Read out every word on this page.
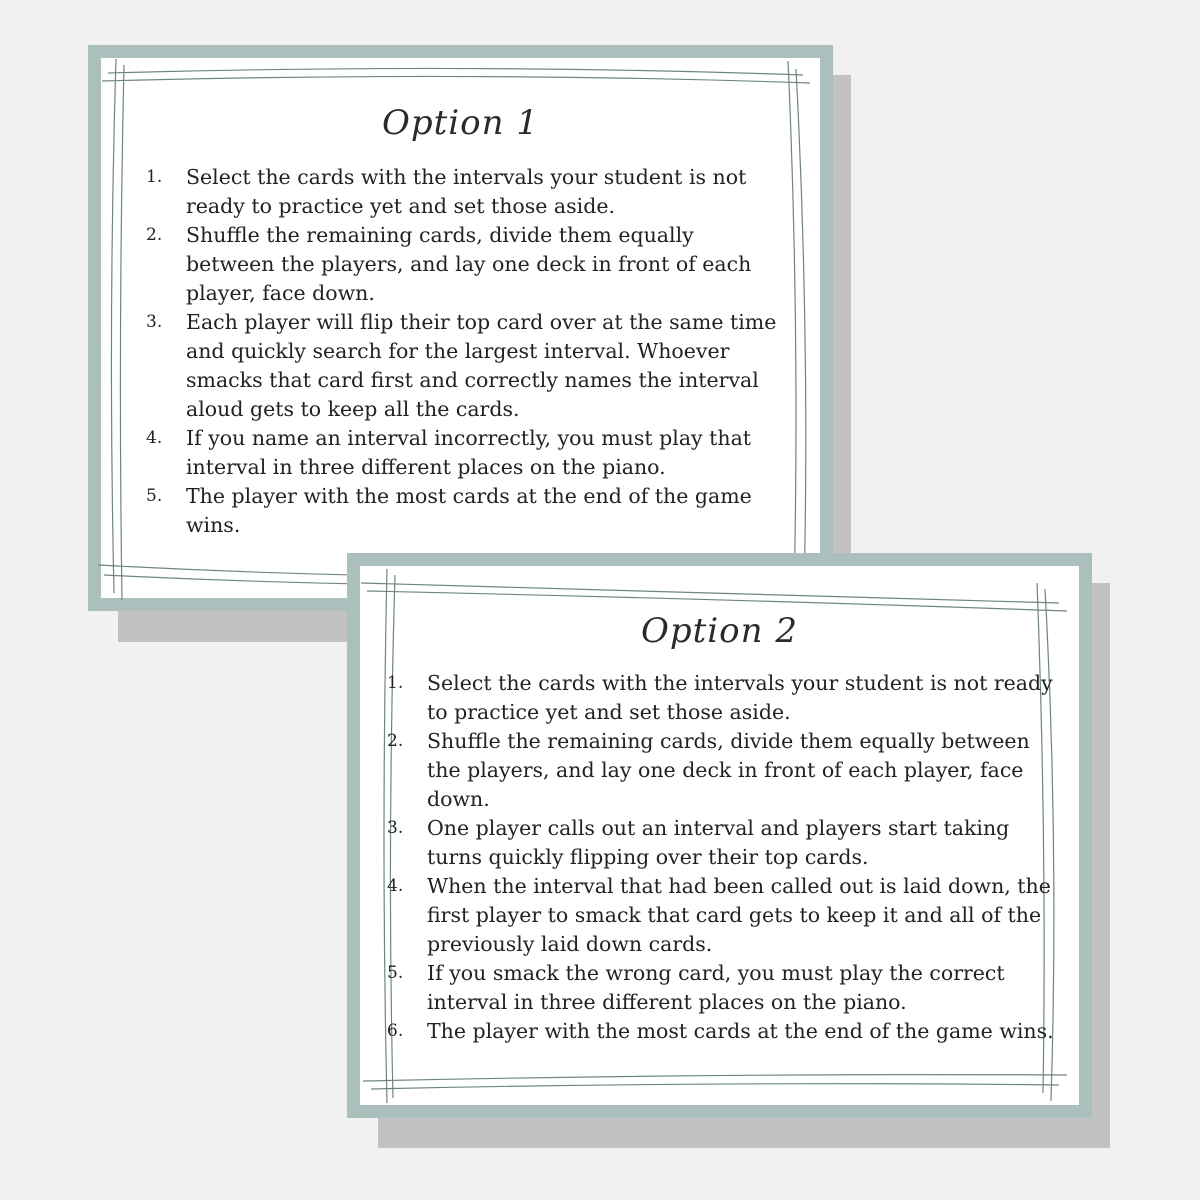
Option 1
1. Select the cards with the intervals your student is not ready to practice yet and set those aside.
2. Shuffle the remaining cards, divide them equally between the players, and lay one deck in front of each player, face down.
3. Each player will flip their top card over at the same time and quickly search for the largest interval. Whoever smacks that card first and correctly names the interval aloud gets to keep all the cards.
4. If you name an interval incorrectly, you must play that interval in three different places on the piano.
5. The player with the most cards at the end of the game wins.
Option 2
1. Select the cards with the intervals your student is not ready to practice yet and set those aside.
2. Shuffle the remaining cards, divide them equally between the players, and lay one deck in front of each player, face down.
3. One player calls out an interval and players start taking turns quickly flipping over their top cards.
4. When the interval that had been called out is laid down, the first player to smack that card gets to keep it and all of the previously laid down cards.
5. If you smack the wrong card, you must play the correct interval in three different places on the piano.
6. The player with the most cards at the end of the game wins.
